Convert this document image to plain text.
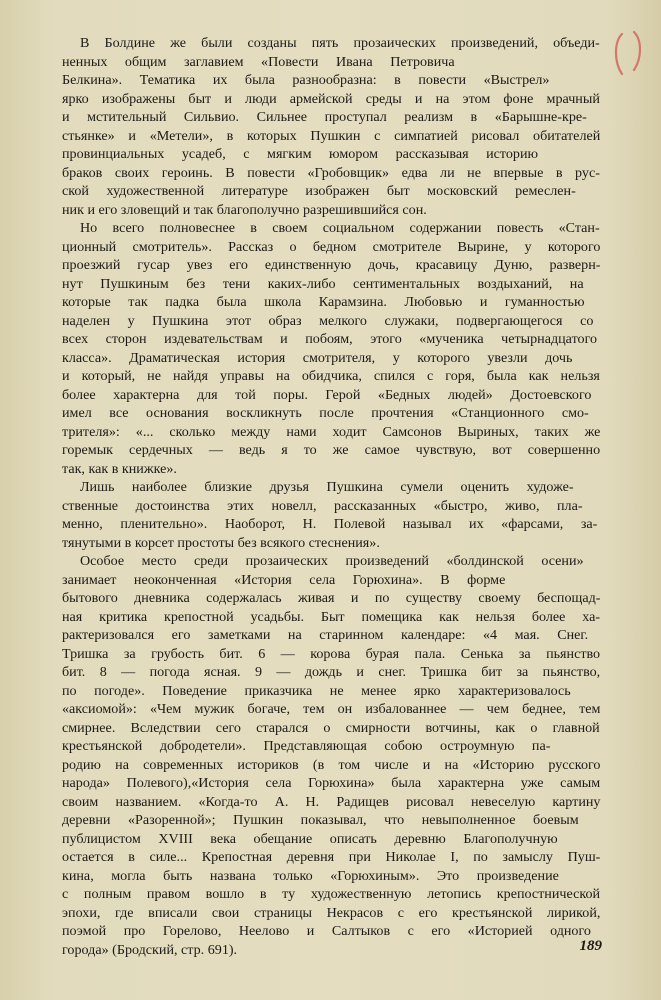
В Болдине же были созданы пять прозаических произведений, объеди-
ненных общим заглавием «Повести Ивана Петровича
Белкина». Тематика их была разнообразна: в повести «Выстрел»
ярко изображены быт и люди армейской среды и на этом фоне мрачный
и мстительный Сильвио. Сильнее проступал реализм в «Барышне-кре-
стьянке» и «Метели», в которых Пушкин с симпатией рисовал обитателей
провинциальных усадеб, с мягким юмором рассказывая историю
браков своих героинь. В повести «Гробовщик» едва ли не впервые в рус-
ской художественной литературе изображен быт московский ремеслен-
ник и его зловещий и так благополучно разрешившийся сон.
Но всего полновеснее в своем социальном содержании повесть «Стан-
ционный смотритель». Рассказ о бедном смотрителе Вырине, у которого
проезжий гусар увез его единственную дочь, красавицу Дуню, разверн-
нут Пушкиным без тени каких-либо сентиментальных воздыханий, на
которые так падка была школа Карамзина. Любовью и гуманностью
наделен у Пушкина этот образ мелкого служаки, подвергающегося со
всех сторон издевательствам и побоям, этого «мученика четырнадцатого
класса». Драматическая история смотрителя, у которого увезли дочь
и который, не найдя управы на обидчика, спился с горя, была как нельзя
более характерна для той поры. Герой «Бедных людей» Достоевского
имел все основания воскликнуть после прочтения «Станционного смо-
трителя»: «... сколько между нами ходит Самсонов Выриных, таких же
горемык сердечных — ведь я то же самое чувствую, вот совершенно
так, как в книжке».
Лишь наиболее близкие друзья Пушкина сумели оценить художе-
ственные достоинства этих новелл, рассказанных «быстро, живо, пла-
менно, пленительно». Наоборот, Н. Полевой называл их «фарсами, за-
тянутыми в корсет простоты без всякого стеснения».
Особое место среди прозаических произведений «болдинской осени»
занимает неоконченная «История села Горюхина». В форме
бытового дневника содержалась живая и по существу своему беспощад-
ная критика крепостной усадьбы. Быт помещика как нельзя более ха-
рактеризовался его заметками на старинном календаре: «4 мая. Снег.
Тришка за грубость бит. 6 — корова бурая пала. Сенька за пьянство
бит. 8 — погода ясная. 9 — дождь и снег. Тришка бит за пьянство,
по погоде». Поведение приказчика не менее ярко характеризовалось
«аксиомой»: «Чем мужик богаче, тем он избалованнее — чем беднее, тем
смирнее. Вследствии сего старался о смирности вотчины, как о главной
крестьянской добродетели». Представляющая собою остроумную па-
родию на современных историков (в том числе и на «Историю русского
народа» Полевого),«История села Горюхина» была характерна уже самым
своим названием. «Когда-то А. Н. Радищев рисовал невеселую картину
деревни «Разоренной»; Пушкин показывал, что невыполненное боевым
публицистом XVIII века обещание описать деревню Благополучную
остается в силе... Крепостная деревня при Николае I, по замыслу Пуш-
кина, могла быть названа только «Горюхиным». Это произведение
с полным правом вошло в ту художественную летопись крепостнической
эпохи, где вписали свои страницы Некрасов с его крестьянской лирикой,
поэмой про Горелово, Неелово и Салтыков с его «Историей одного
города» (Бродский, стр. 691).	189
